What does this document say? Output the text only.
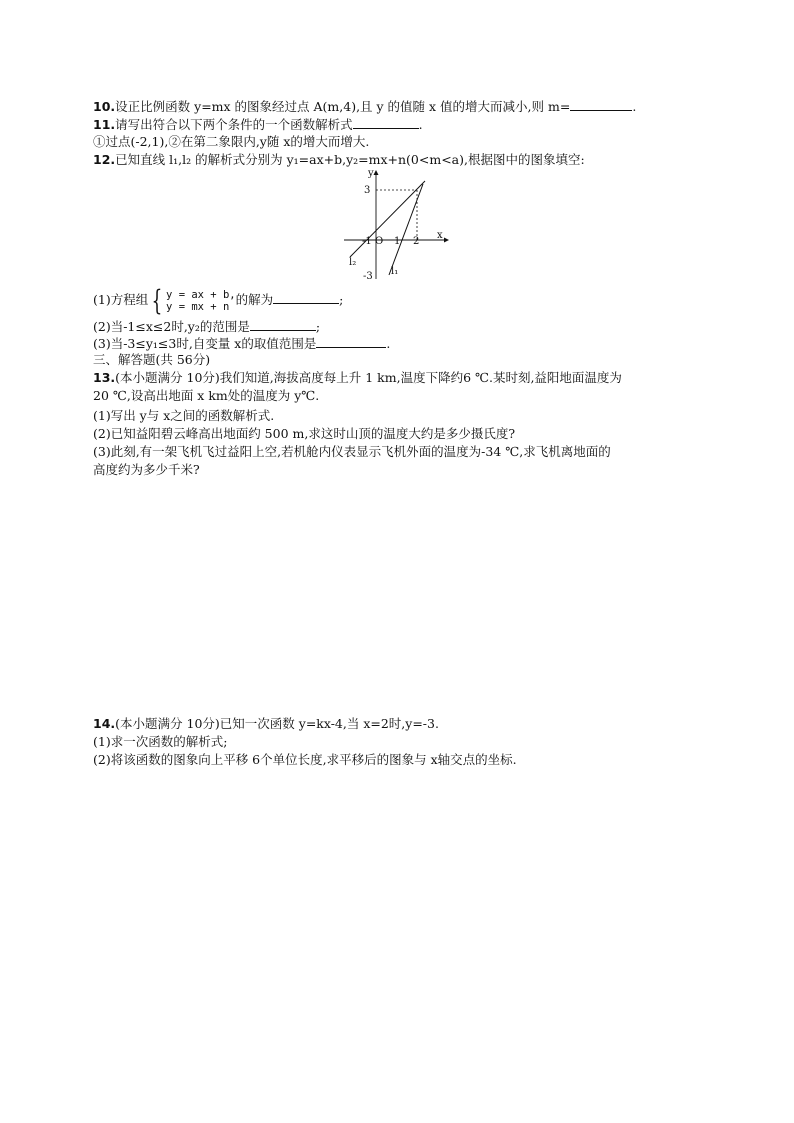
10.设正比例函数 y=mx 的图象经过点 A(m,4),且 y 的值随 x 值的增大而减小,则 m=	.
11.请写出符合以下两个条件的一个函数解析式	.
①过点(-2,1),②在第二象限内,y随 x的增大而增大.
12.已知直线 l₁,l₂ 的解析式分别为 y₁=ax+b,y₂=mx+n(0<m<a),根据图中的图象填空:
y
x
3
-3
-1 O 1 2
l₂
l₁
(1)方程组 { y = ax + b,
y = mx + n 的解为	;
(2)当-1≤x≤2时,y₂的范围是	;
(3)当-3≤y₁≤3时,自变量 x的取值范围是	.
三、解答题(共 56分)
13.(本小题满分 10分)我们知道,海拔高度每上升 1 km,温度下降约6 ℃.某时刻,益阳地面温度为
20 ℃,设高出地面 x km处的温度为 y℃.
(1)写出 y与 x之间的函数解析式.
(2)已知益阳碧云峰高出地面约 500 m,求这时山顶的温度大约是多少摄氏度?
(3)此刻,有一架飞机飞过益阳上空,若机舱内仪表显示飞机外面的温度为-34 ℃,求飞机离地面的
高度约为多少千米?
14.(本小题满分 10分)已知一次函数 y=kx-4,当 x=2时,y=-3.
(1)求一次函数的解析式;
(2)将该函数的图象向上平移 6个单位长度,求平移后的图象与 x轴交点的坐标.
